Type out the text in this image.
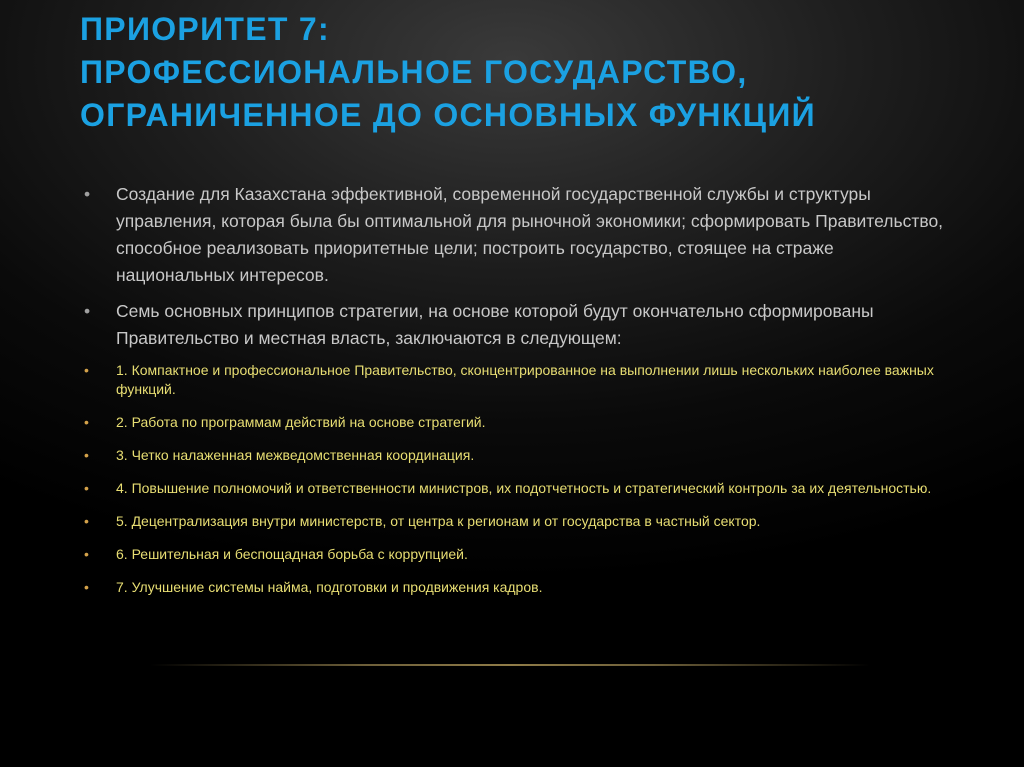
ПРИОРИТЕТ 7:
ПРОФЕССИОНАЛЬНОЕ ГОСУДАРСТВО,
ОГРАНИЧЕННОЕ ДО ОСНОВНЫХ ФУНКЦИЙ
• Создание для Казахстана эффективной, современной государственной службы и структуры управления, которая была бы оптимальной для рыночной экономики; сформировать Правительство, способное реализовать приоритетные цели; построить государство, стоящее на страже национальных интересов.
• Семь основных принципов стратегии, на основе которой будут окончательно сформированы Правительство и местная власть, заключаются в следующем:
• 1. Компактное и профессиональное Правительство, сконцентрированное на выполнении лишь нескольких наиболее важных функций.
• 2. Работа по программам действий на основе стратегий.
• 3. Четко налаженная межведомственная координация.
• 4. Повышение полномочий и ответственности министров, их подотчетность и стратегический контроль за их деятельностью.
• 5. Децентрализация внутри министерств, от центра к регионам и от государства в частный сектор.
• 6. Решительная и беспощадная борьба с коррупцией.
• 7. Улучшение системы найма, подготовки и продвижения кадров.
